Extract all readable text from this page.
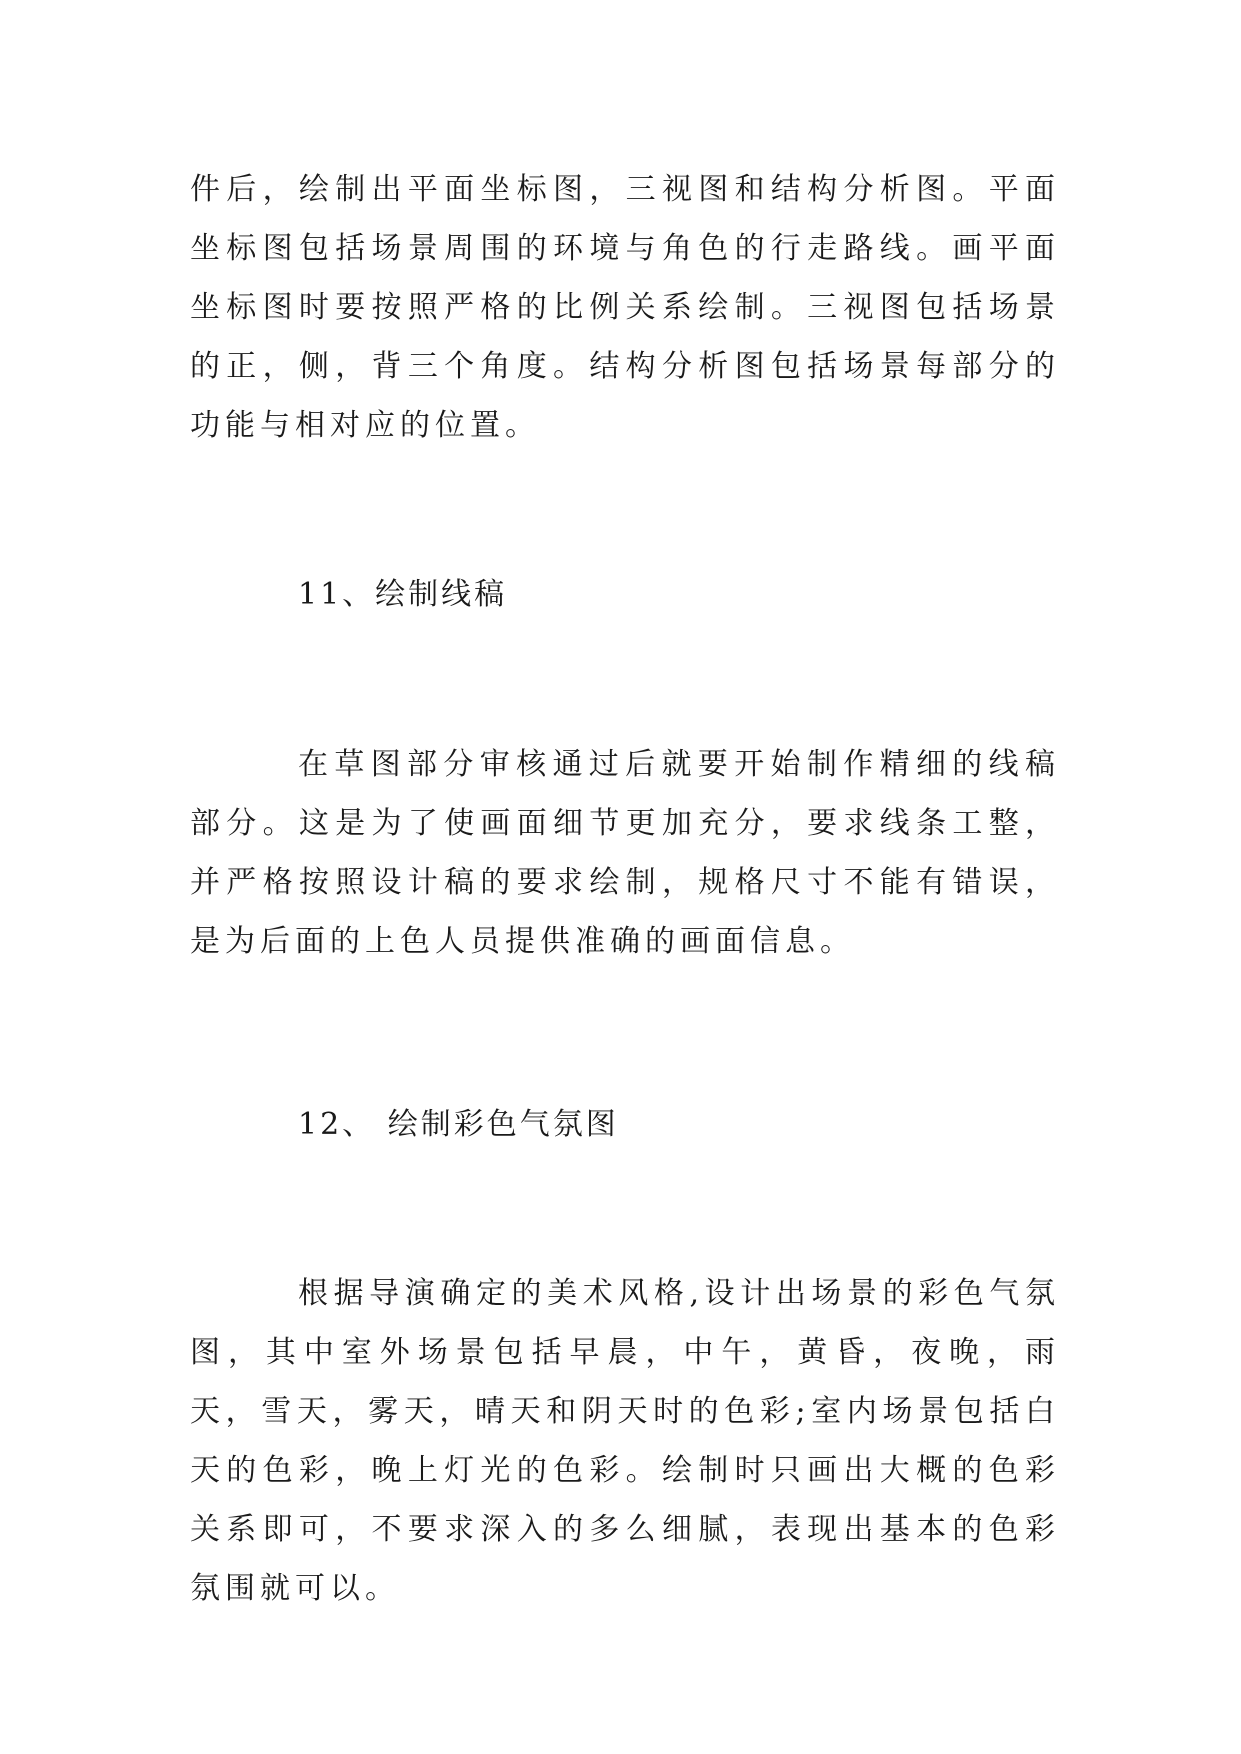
件后，绘制出平面坐标图，三视图和结构分析图。平面坐标图包括场景周围的环境与角色的行走路线。画平面坐标图时要按照严格的比例关系绘制。三视图包括场景的正，侧，背三个角度。结构分析图包括场景每部分的功能与相对应的位置。

11、绘制线稿

在草图部分审核通过后就要开始制作精细的线稿部分。这是为了使画面细节更加充分，要求线条工整，并严格按照设计稿的要求绘制，规格尺寸不能有错误，是为后面的上色人员提供准确的画面信息。

12、 绘制彩色气氛图

根据导演确定的美术风格,设计出场景的彩色气氛图，其中室外场景包括早晨，中午，黄昏，夜晚，雨天，雪天，雾天，晴天和阴天时的色彩;室内场景包括白天的色彩，晚上灯光的色彩。绘制时只画出大概的色彩关系即可，不要求深入的多么细腻，表现出基本的色彩氛围就可以。
